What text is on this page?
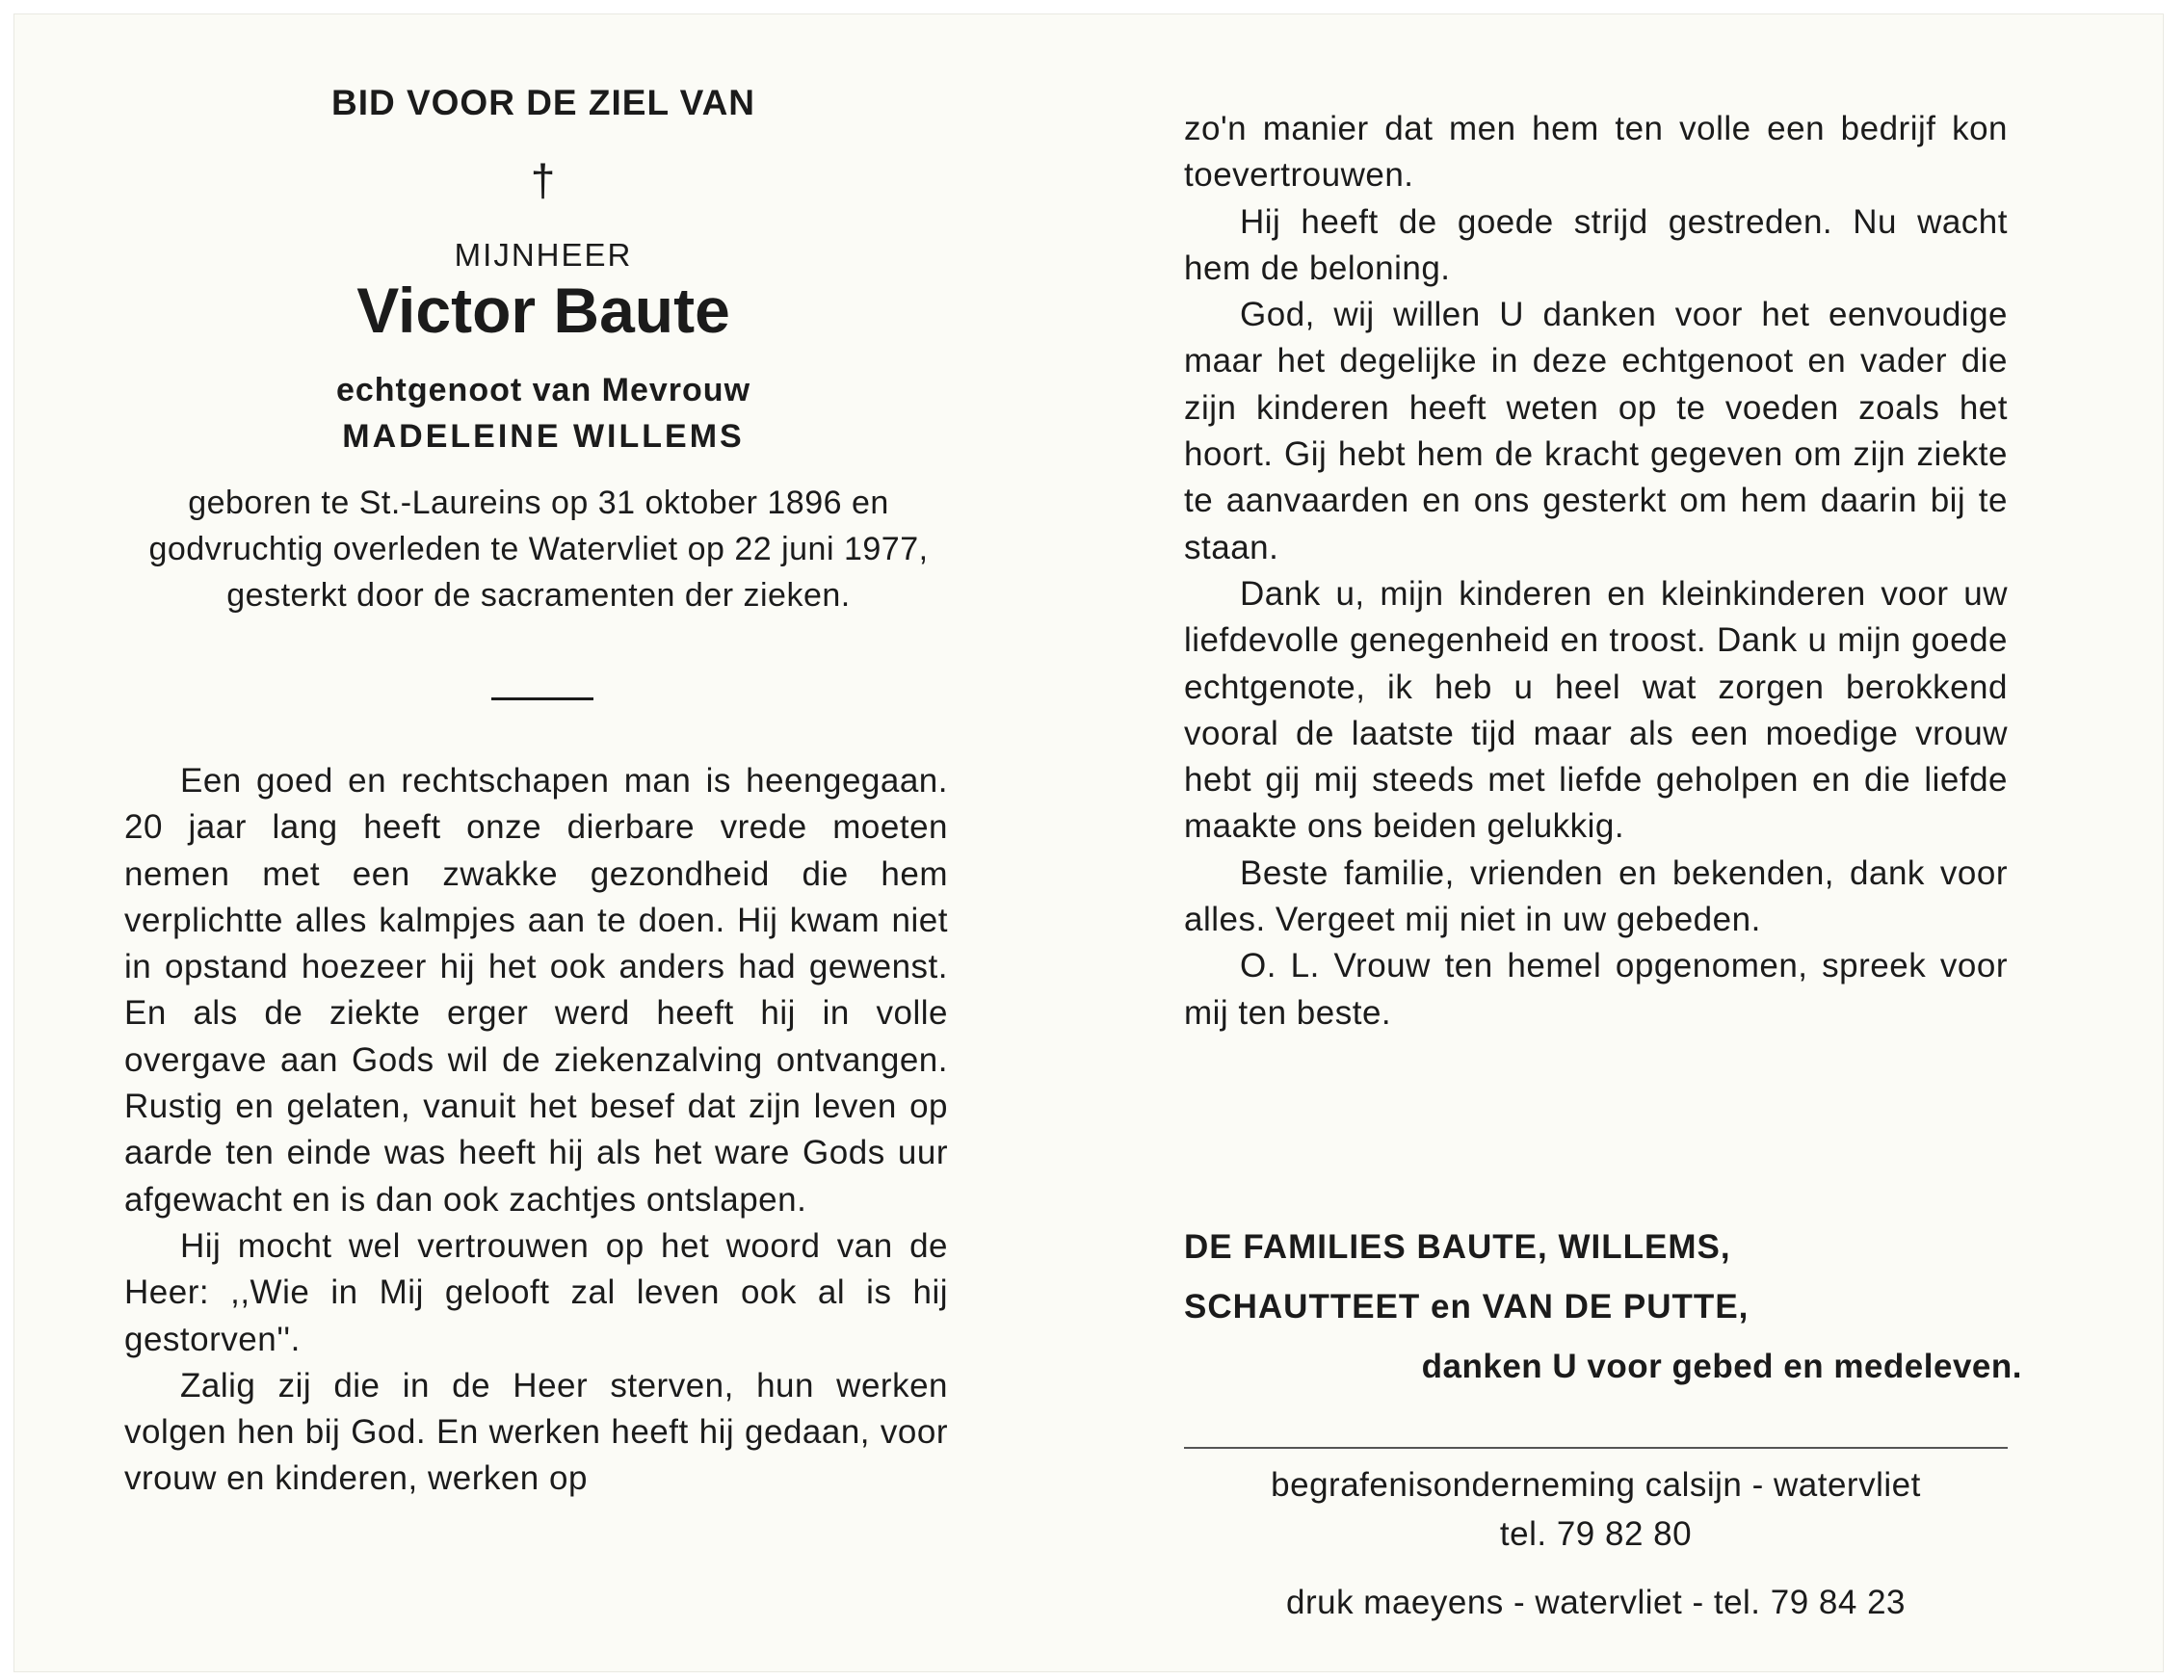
BID VOOR DE ZIEL VAN
†
MIJNHEER
Victor Baute
echtgenoot van Mevrouw
MADELEINE WILLEMS
geboren te St.-Laureins op 31 oktober 1896 en godvruchtig overleden te Watervliet op 22 juni 1977, gesterkt door de sacramenten der zieken.

Een goed en rechtschapen man is heengegaan. 20 jaar lang heeft onze dierbare vrede moeten nemen met een zwakke gezondheid die hem verplichtte alles kalmpjes aan te doen. Hij kwam niet in opstand hoezeer hij het ook anders had gewenst. En als de ziekte erger werd heeft hij in volle overgave aan Gods wil de ziekenzalving ontvangen. Rustig en gelaten, vanuit het besef dat zijn leven op aarde ten einde was heeft hij als het ware Gods uur afgewacht en is dan ook zachtjes ontslapen.

Hij mocht wel vertrouwen op het woord van de Heer: ,,Wie in Mij gelooft zal leven ook al is hij gestorven''.

Zalig zij die in de Heer sterven, hun werken volgen hen bij God. En werken heeft hij gedaan, voor vrouw en kinderen, werken op

zo'n manier dat men hem ten volle een bedrijf kon toevertrouwen.

Hij heeft de goede strijd gestreden. Nu wacht hem de beloning.

God, wij willen U danken voor het eenvoudige maar het degelijke in deze echtgenoot en vader die zijn kinderen heeft weten op te voeden zoals het hoort. Gij hebt hem de kracht gegeven om zijn ziekte te aanvaarden en ons gesterkt om hem daarin bij te staan.

Dank u, mijn kinderen en kleinkinderen voor uw liefdevolle genegenheid en troost. Dank u mijn goede echtgenote, ik heb u heel wat zorgen berokkend vooral de laatste tijd maar als een moedige vrouw hebt gij mij steeds met liefde geholpen en die liefde maakte ons beiden gelukkig.

Beste familie, vrienden en bekenden, dank voor alles. Vergeet mij niet in uw gebeden.

O. L. Vrouw ten hemel opgenomen, spreek voor mij ten beste.

DE FAMILIES BAUTE, WILLEMS,
SCHAUTTEET en VAN DE PUTTE,
danken U voor gebed en medeleven.
begrafenisonderneming calsijn - watervliet
tel. 79 82 80
druk maeyens - watervliet - tel. 79 84 23
